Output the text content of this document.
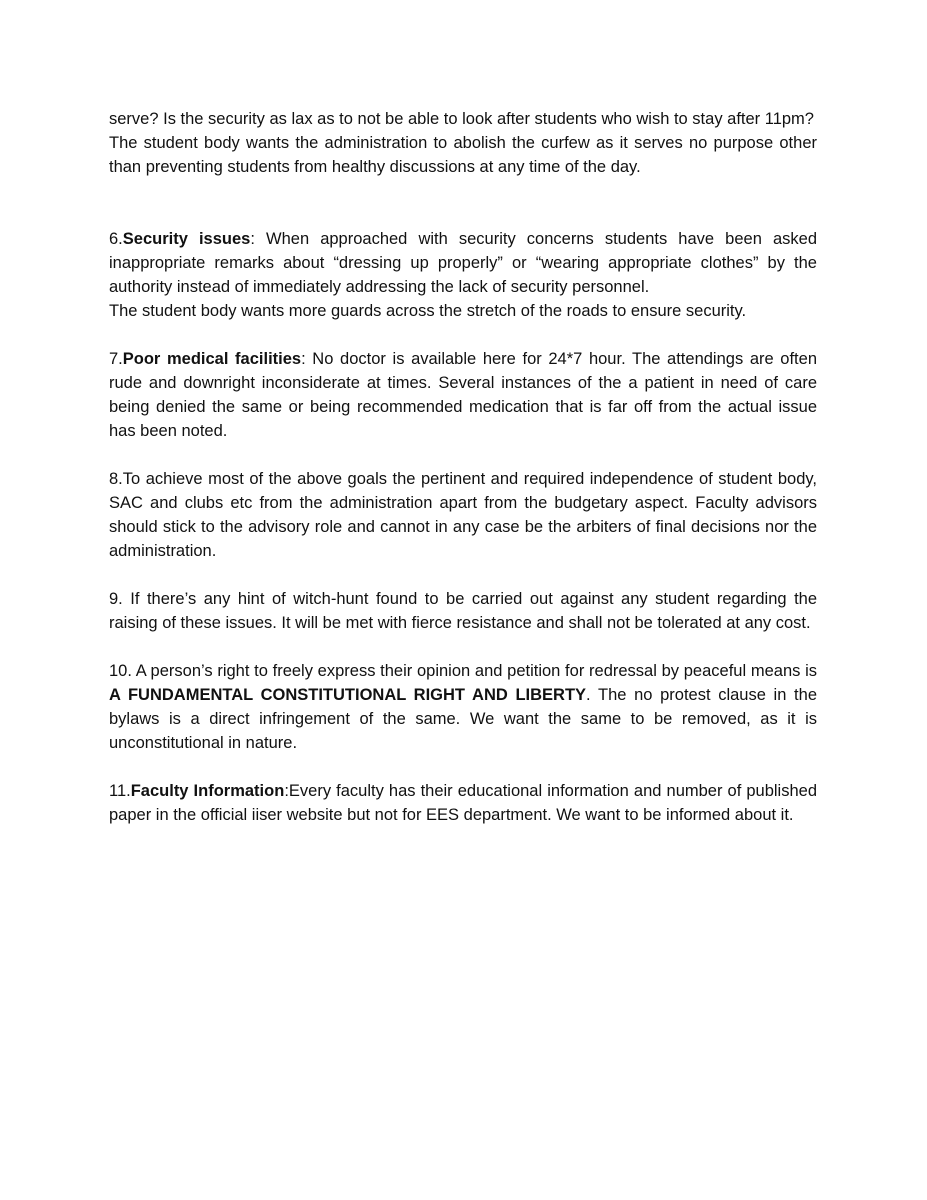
serve? Is the security as lax as to not be able to look after students who wish to stay after 11pm?

The student body wants the administration to abolish the curfew as it serves no purpose other than preventing students from healthy discussions at any time of the day.

6.Security issues: When approached with security concerns students have been asked inappropriate remarks about “dressing up properly” or “wearing appropriate clothes” by the authority instead of immediately addressing the lack of security personnel.

The student body wants more guards across the stretch of the roads to ensure security.

7.Poor medical facilities: No doctor is available here for 24*7 hour. The attendings are often rude and downright inconsiderate at times. Several instances of the a patient in need of care being denied the same or being recommended medication that is far off from the actual issue has been noted.

8.To achieve most of the above goals the pertinent and required independence of student body, SAC and clubs etc from the administration apart from the budgetary aspect. Faculty advisors should stick to the advisory role and cannot in any case be the arbiters of final decisions nor the administration.

9. If there’s any hint of witch-hunt found to be carried out against any student regarding the raising of these issues. It will be met with fierce resistance and shall not be tolerated at any cost.

10. A person’s right to freely express their opinion and petition for redressal by peaceful means is A FUNDAMENTAL CONSTITUTIONAL RIGHT AND LIBERTY. The no protest clause in the bylaws is a direct infringement of the same. We want the same to be removed, as it is unconstitutional in nature.

11.Faculty Information:Every faculty has their educational information and number of published paper in the official iiser website but not for EES department. We want to be informed about it.
